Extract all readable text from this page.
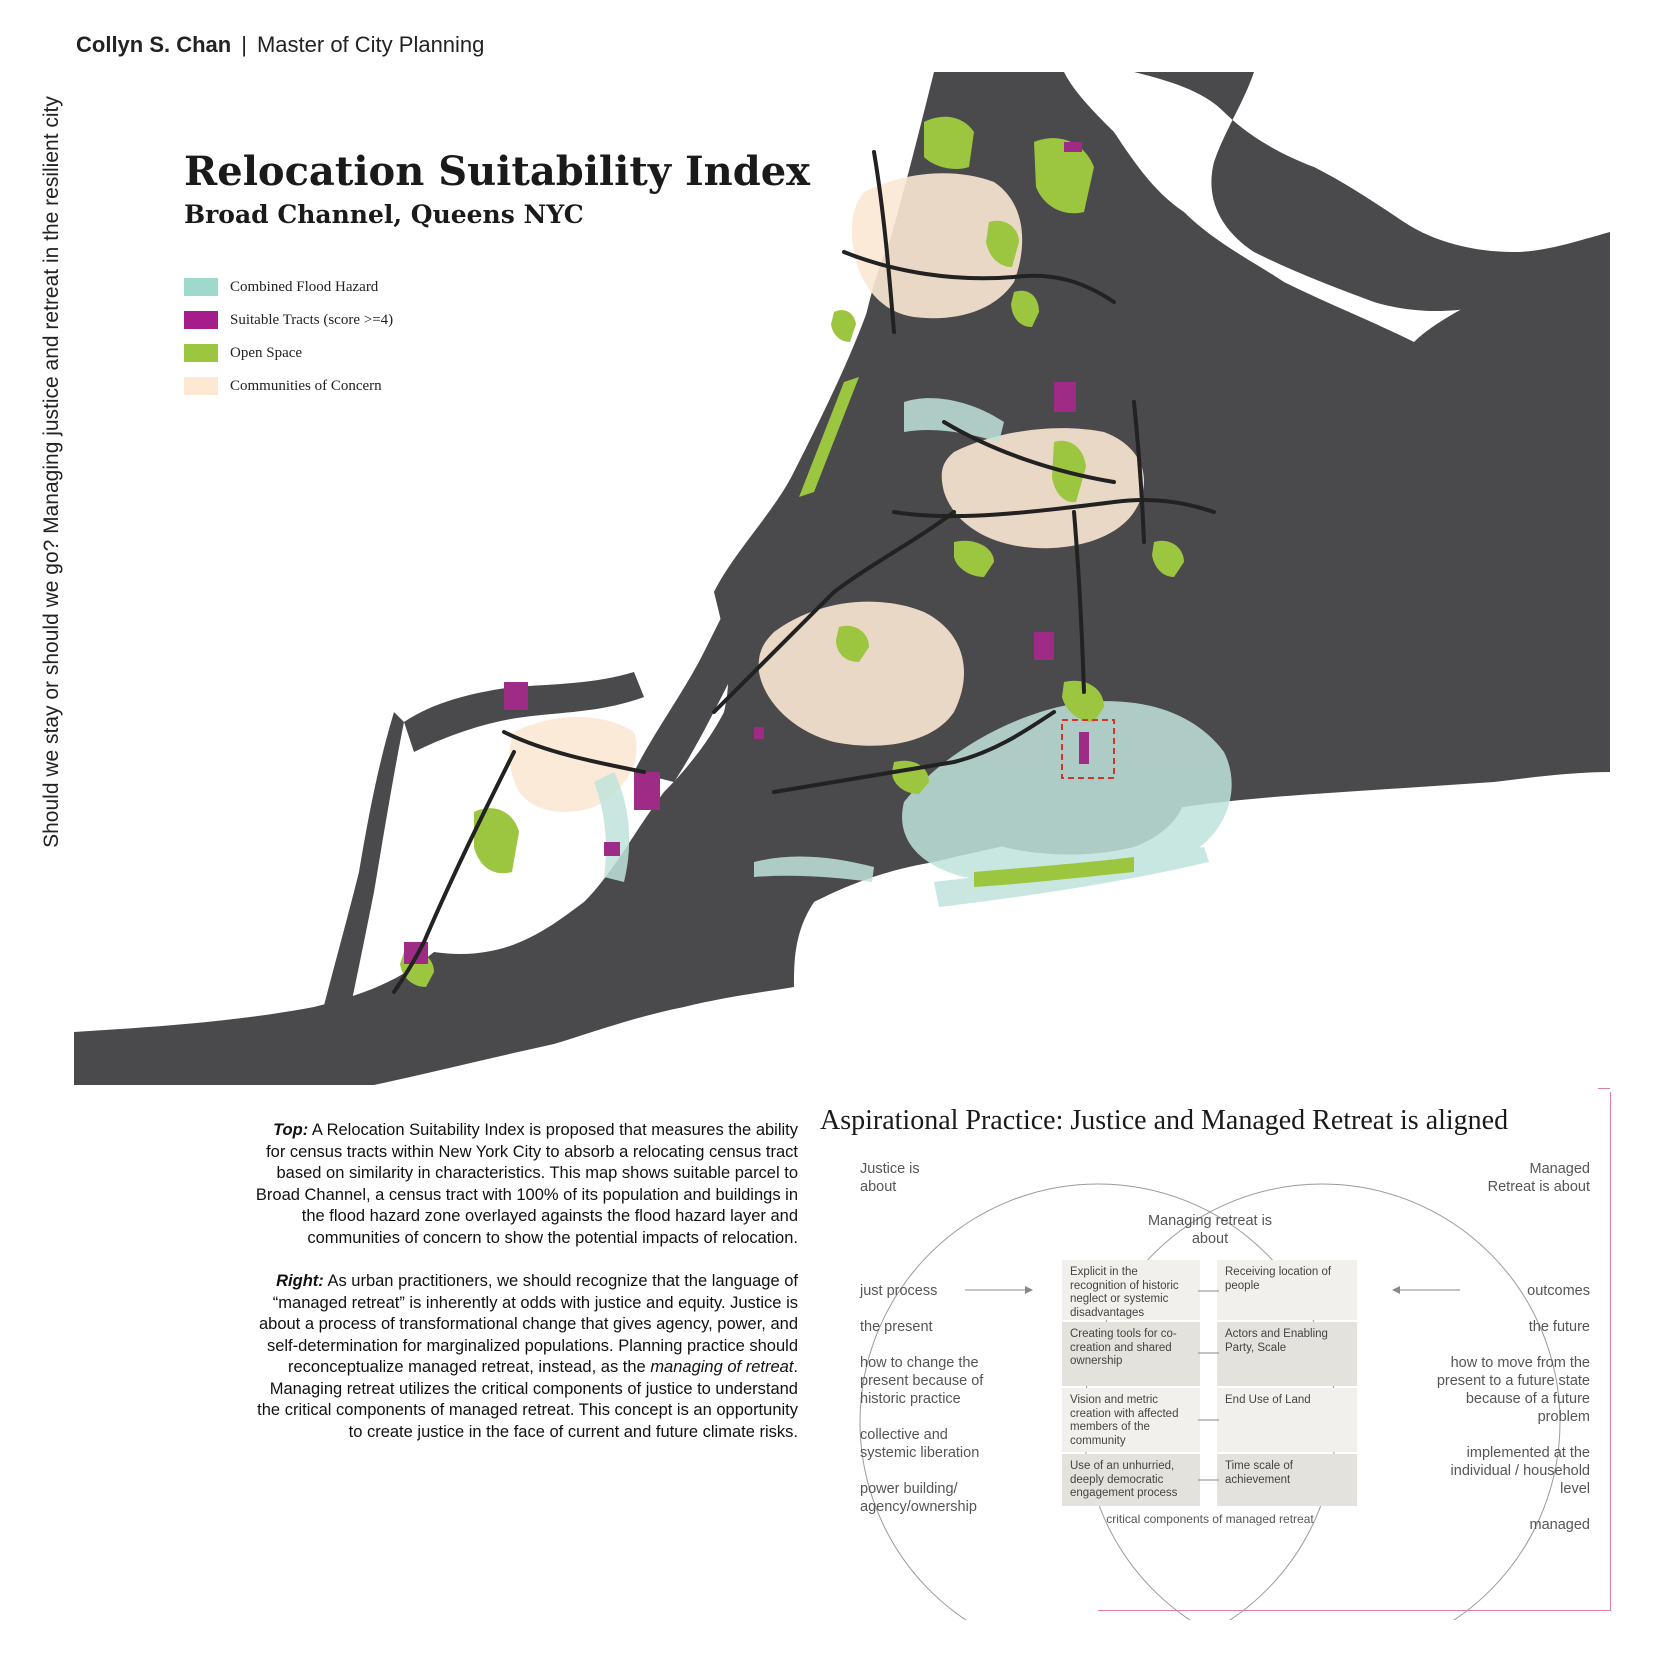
Should we stay or should we go? Managing justice and retreat in the resilient city
Collyn S. Chan | Master of City Planning
Relocation Suitability Index
Broad Channel, Queens NYC
Combined Flood Hazard
Suitable Tracts (score >=4)
Open Space
Communities of Concern

Top: A Relocation Suitability Index is proposed that measures the ability for census tracts within New York City to absorb a relocating census tract based on similarity in characteristics. This map shows suitable parcel to Broad Channel, a census tract with 100% of its population and buildings in the flood hazard zone overlayed againsts the flood hazard layer and communities of concern to show the potential impacts of relocation.

Right: As urban practitioners, we should recognize that the language of “managed retreat” is inherently at odds with justice and equity. Justice is about a process of transformational change that gives agency, power, and self-determination for marginalized populations. Planning practice should reconceptualize managed retreat, instead, as the managing of retreat. Managing retreat utilizes the critical components of justice to understand the critical components of managed retreat. This concept is an opportunity to create justice in the face of current and future climate risks.

Aspirational Practice: Justice and Managed Retreat is aligned
Justice is about
Managed Retreat is about
Managing retreat is about
just process
the present
how to change the present because of historic practice
collective and systemic liberation
power building/ agency/ownership
outcomes
the future
how to move from the present to a future state because of a future problem
implemented at the individual / household level
managed
Explicit in the recognition of historic neglect or systemic disadvantages
Creating tools for co-creation and shared ownership
Vision and metric creation with affected members of the community
Use of an unhurried, deeply democratic engagement process
Receiving location of people
Actors and Enabling Party, Scale
End Use of Land
Time scale of achievement
critical components of managed retreat
